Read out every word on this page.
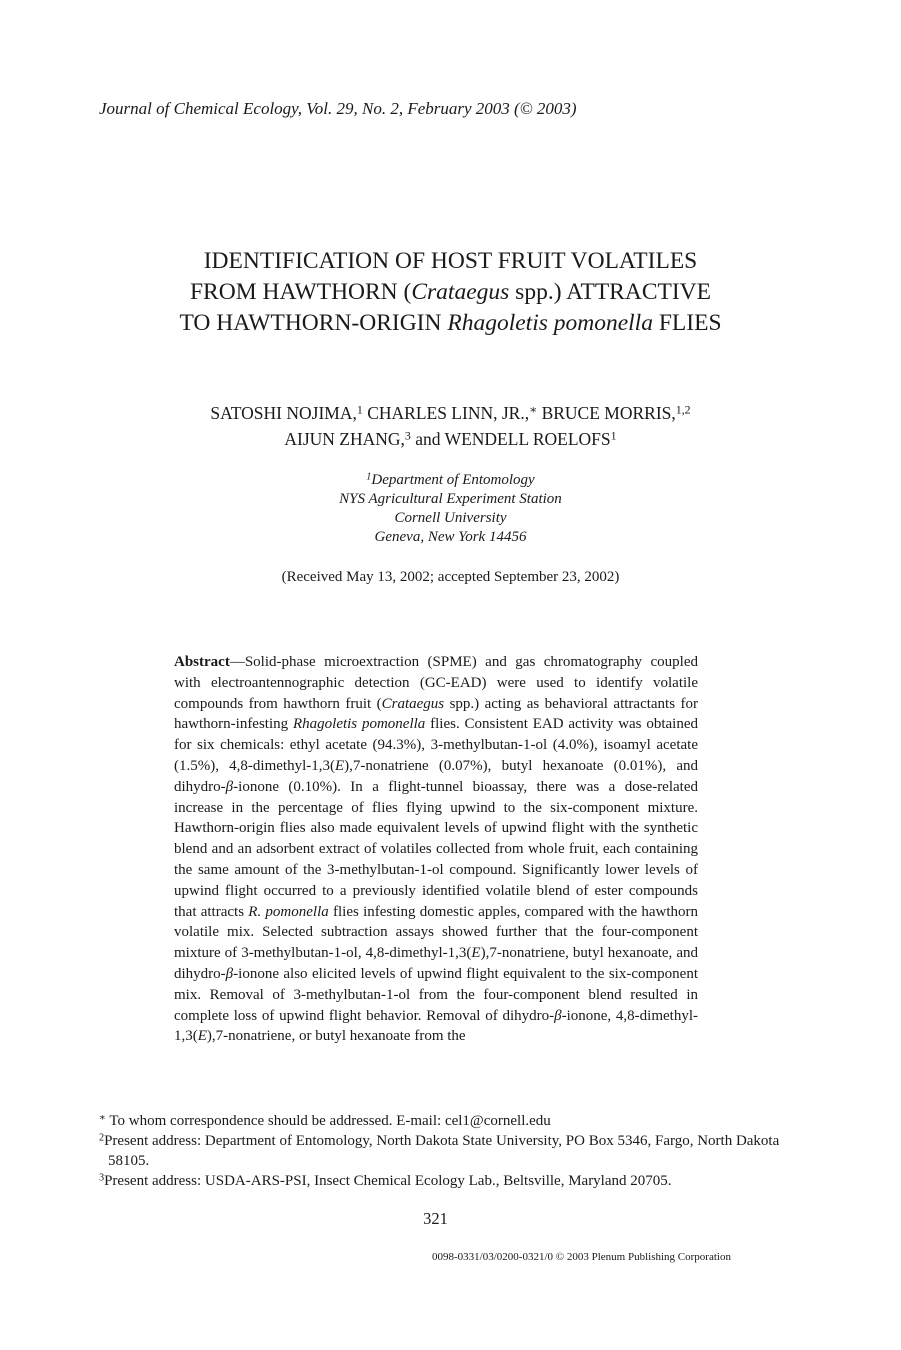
Journal of Chemical Ecology, Vol. 29, No. 2, February 2003 (© 2003)
IDENTIFICATION OF HOST FRUIT VOLATILES
FROM HAWTHORN (Crataegus spp.) ATTRACTIVE
TO HAWTHORN-ORIGIN Rhagoletis pomonella FLIES
SATOSHI NOJIMA,$^1$ CHARLES LINN, JR.,∗ BRUCE MORRIS,$^{1,2}$
AIJUN ZHANG,$^3$ and WENDELL ROELOFS$^1$
$^1$Department of Entomology
NYS Agricultural Experiment Station
Cornell University
Geneva, New York 14456
(Received May 13, 2002; accepted September 23, 2002)
Abstract—Solid-phase microextraction (SPME) and gas chromatography coupled with electroantennographic detection (GC-EAD) were used to identify volatile compounds from hawthorn fruit (Crataegus spp.) acting as behavioral attractants for hawthorn-infesting Rhagoletis pomonella flies. Consistent EAD activity was obtained for six chemicals: ethyl acetate (94.3%), 3-methylbutan-1-ol (4.0%), isoamyl acetate (1.5%), 4,8-dimethyl-1,3(E),7-nonatriene (0.07%), butyl hexanoate (0.01%), and dihydro-β-ionone (0.10%). In a flight-tunnel bioassay, there was a dose-related increase in the percentage of flies flying upwind to the six-component mixture. Hawthorn-origin flies also made equivalent levels of upwind flight with the synthetic blend and an adsorbent extract of volatiles collected from whole fruit, each containing the same amount of the 3-methylbutan-1-ol compound. Significantly lower levels of upwind flight occurred to a previously identified volatile blend of ester compounds that attracts R. pomonella flies infesting domestic apples, compared with the hawthorn volatile mix. Selected subtraction assays showed further that the four-component mixture of 3-methylbutan-1-ol, 4,8-dimethyl-1,3(E),7-nonatriene, butyl hexanoate, and dihydro-β-ionone also elicited levels of upwind flight equivalent to the six-component mix. Removal of 3-methylbutan-1-ol from the four-component blend resulted in complete loss of upwind flight behavior. Removal of dihydro-β-ionone, 4,8-dimethyl-1,3(E),7-nonatriene, or butyl hexanoate from the
∗ To whom correspondence should be addressed. E-mail: cel1@cornell.edu
$^2$Present address: Department of Entomology, North Dakota State University, PO Box 5346, Fargo, North Dakota 58105.
$^3$Present address: USDA-ARS-PSI, Insect Chemical Ecology Lab., Beltsville, Maryland 20705.
321
0098-0331/03/0200-0321/0 © 2003 Plenum Publishing Corporation
